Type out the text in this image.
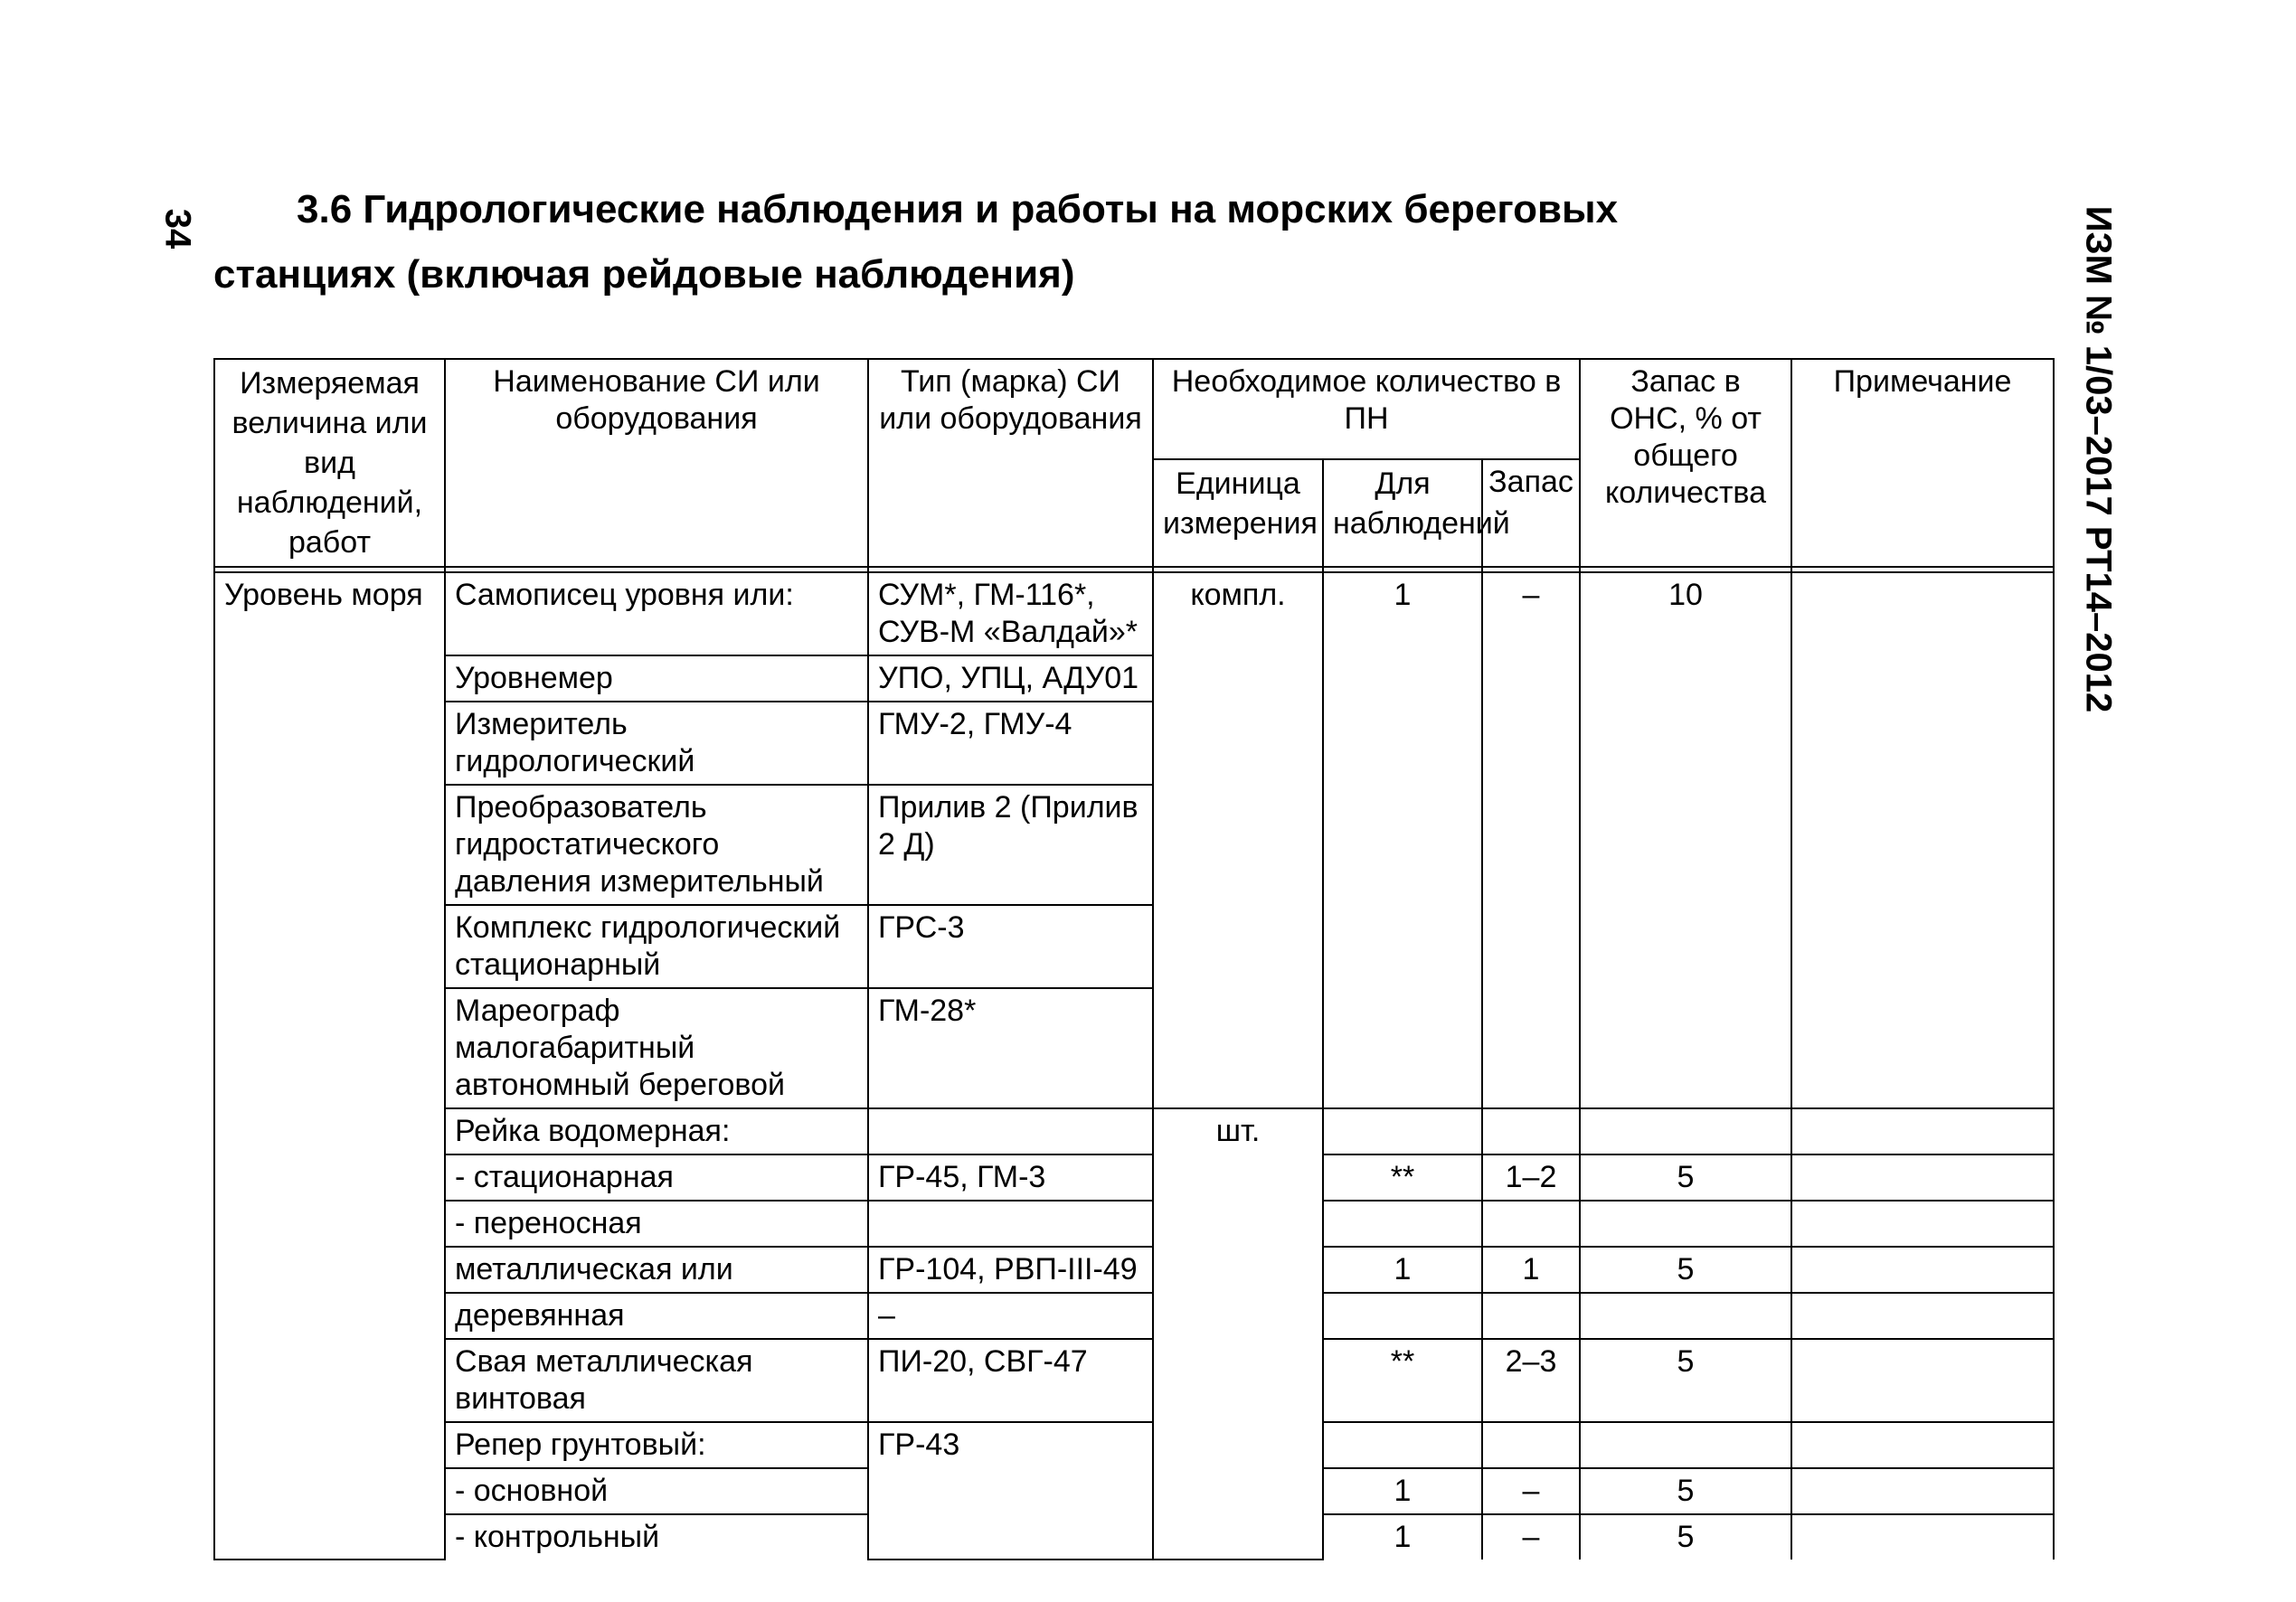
34	ИЗМ № 1/03–2017 РТ14–2012
3.6 Гидрологические наблюдения и работы на морских береговых
станциях (включая рейдовые наблюдения)
Измеряемая величина или вид наблюдений, работ	Наименование СИ или оборудования	Тип (марка) СИ или оборудования	Необходимое количество в ПН			Запас в ОНС, % от общего количества	Примечание
			Единица измерения	Для наблюдений	Запас		

Уровень моря	Самописец уровня или:	СУМ*, ГМ-116*, СУВ-М «Валдай»*	компл.	1	–	10	
	Уровнемер	УПО, УПЦ, АДУ01					
	Измеритель гидрологический	ГМУ-2, ГМУ-4					
	Преобразователь гидростатического давления измерительный	Прилив 2 (Прилив 2 Д)					
	Комплекс гидрологический стационарный	ГРС-3					
	Мареограф малогабаритный автономный береговой	ГМ-28*					
	Рейка водомерная:		шт.				
	- стационарная	ГР-45, ГМ-3		**	1–2	5	
	- переносная						
	металлическая или	ГР-104, РВП-III-49		1	1	5	
	деревянная	–					
	Свая металлическая винтовая	ПИ-20, СВГ-47		**	2–3	5	
	Репер грунтовый:	ГР-43					
	- основной			1	–	5	
	- контрольный			1	–	5	
